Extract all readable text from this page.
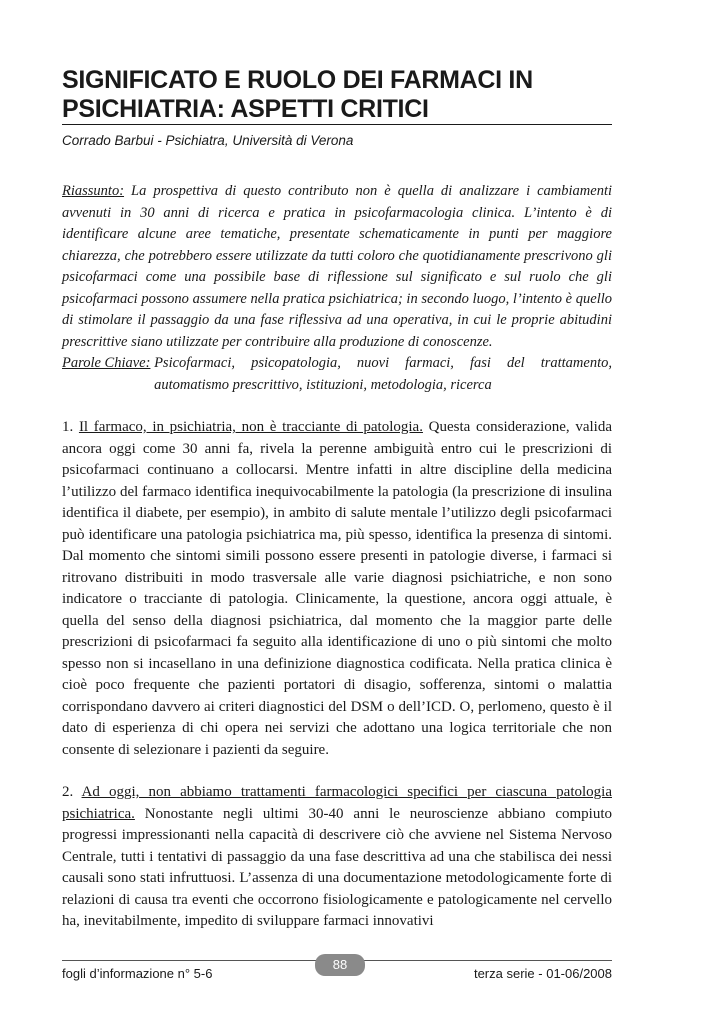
SIGNIFICATO E RUOLO DEI FARMACI IN
PSICHIATRIA: ASPETTI CRITICI
Corrado Barbui - Psichiatra, Università di Verona
Riassunto: La prospettiva di questo contributo non è quella di analizzare i cambiamenti avvenuti in 30 anni di ricerca e pratica in psicofarmacologia clinica. L’intento è di identificare alcune aree tematiche, presentate schematicamente in punti per maggiore chiarezza, che potrebbero essere utilizzate da tutti coloro che quotidianamente prescrivono gli psicofarmaci come una possibile base di riflessione sul significato e sul ruolo che gli psicofarmaci possono assumere nella pratica psichiatrica; in secondo luogo, l’intento è quello di stimolare il passaggio da una fase riflessiva ad una operativa, in cui le proprie abitudini prescrittive siano utilizzate per contribuire alla produzione di conoscenze.
Parole Chiave:
Psicofarmaci, psicopatologia, nuovi farmaci, fasi del trattamento, automatismo prescrittivo, istituzioni, metodologia, ricerca
1. Il farmaco, in psichiatria, non è tracciante di patologia. Questa considerazione, valida ancora oggi come 30 anni fa, rivela la perenne ambiguità entro cui le prescrizioni di psicofarmaci continuano a collocarsi. Mentre infatti in altre discipline della medicina l’utilizzo del farmaco identifica inequivocabilmente la patologia (la prescrizione di insulina identifica il diabete, per esempio), in ambito di salute mentale l’utilizzo degli psicofarmaci può identificare una patologia psichiatrica ma, più spesso, identifica la presenza di sintomi. Dal momento che sintomi simili possono essere presenti in patologie diverse, i farmaci si ritrovano distribuiti in modo trasversale alle varie diagnosi psichiatriche, e non sono indicatore o tracciante di patologia. Clinicamente, la questione, ancora oggi attuale, è quella del senso della diagnosi psichiatrica, dal momento che la maggior parte delle prescrizioni di psicofarmaci fa seguito alla identificazione di uno o più sintomi che molto spesso non si incasellano in una definizione diagnostica codificata. Nella pratica clinica è cioè poco frequente che pazienti portatori di disagio, sofferenza, sintomi o malattia corrispondano davvero ai criteri diagnostici del DSM o dell’ICD. O, perlomeno, questo è il dato di esperienza di chi opera nei servizi che adottano una logica territoriale che non consente di selezionare i pazienti da seguire.
2. Ad oggi, non abbiamo trattamenti farmacologici specifici per ciascuna patologia psichiatrica. Nonostante negli ultimi 30-40 anni le neuroscienze abbiano compiuto progressi impressionanti nella capacità di descrivere ciò che avviene nel Sistema Nervoso Centrale, tutti i tentativi di passaggio da una fase descrittiva ad una che stabilisca dei nessi causali sono stati infruttuosi. L’assenza di una documentazione metodologicamente forte di relazioni di causa tra eventi che occorrono fisiologicamente e patologicamente nel cervello ha, inevitabilmente, impedito di sviluppare farmaci innovativi
fogli d’informazione n° 5-6
88
terza serie - 01-06/2008
